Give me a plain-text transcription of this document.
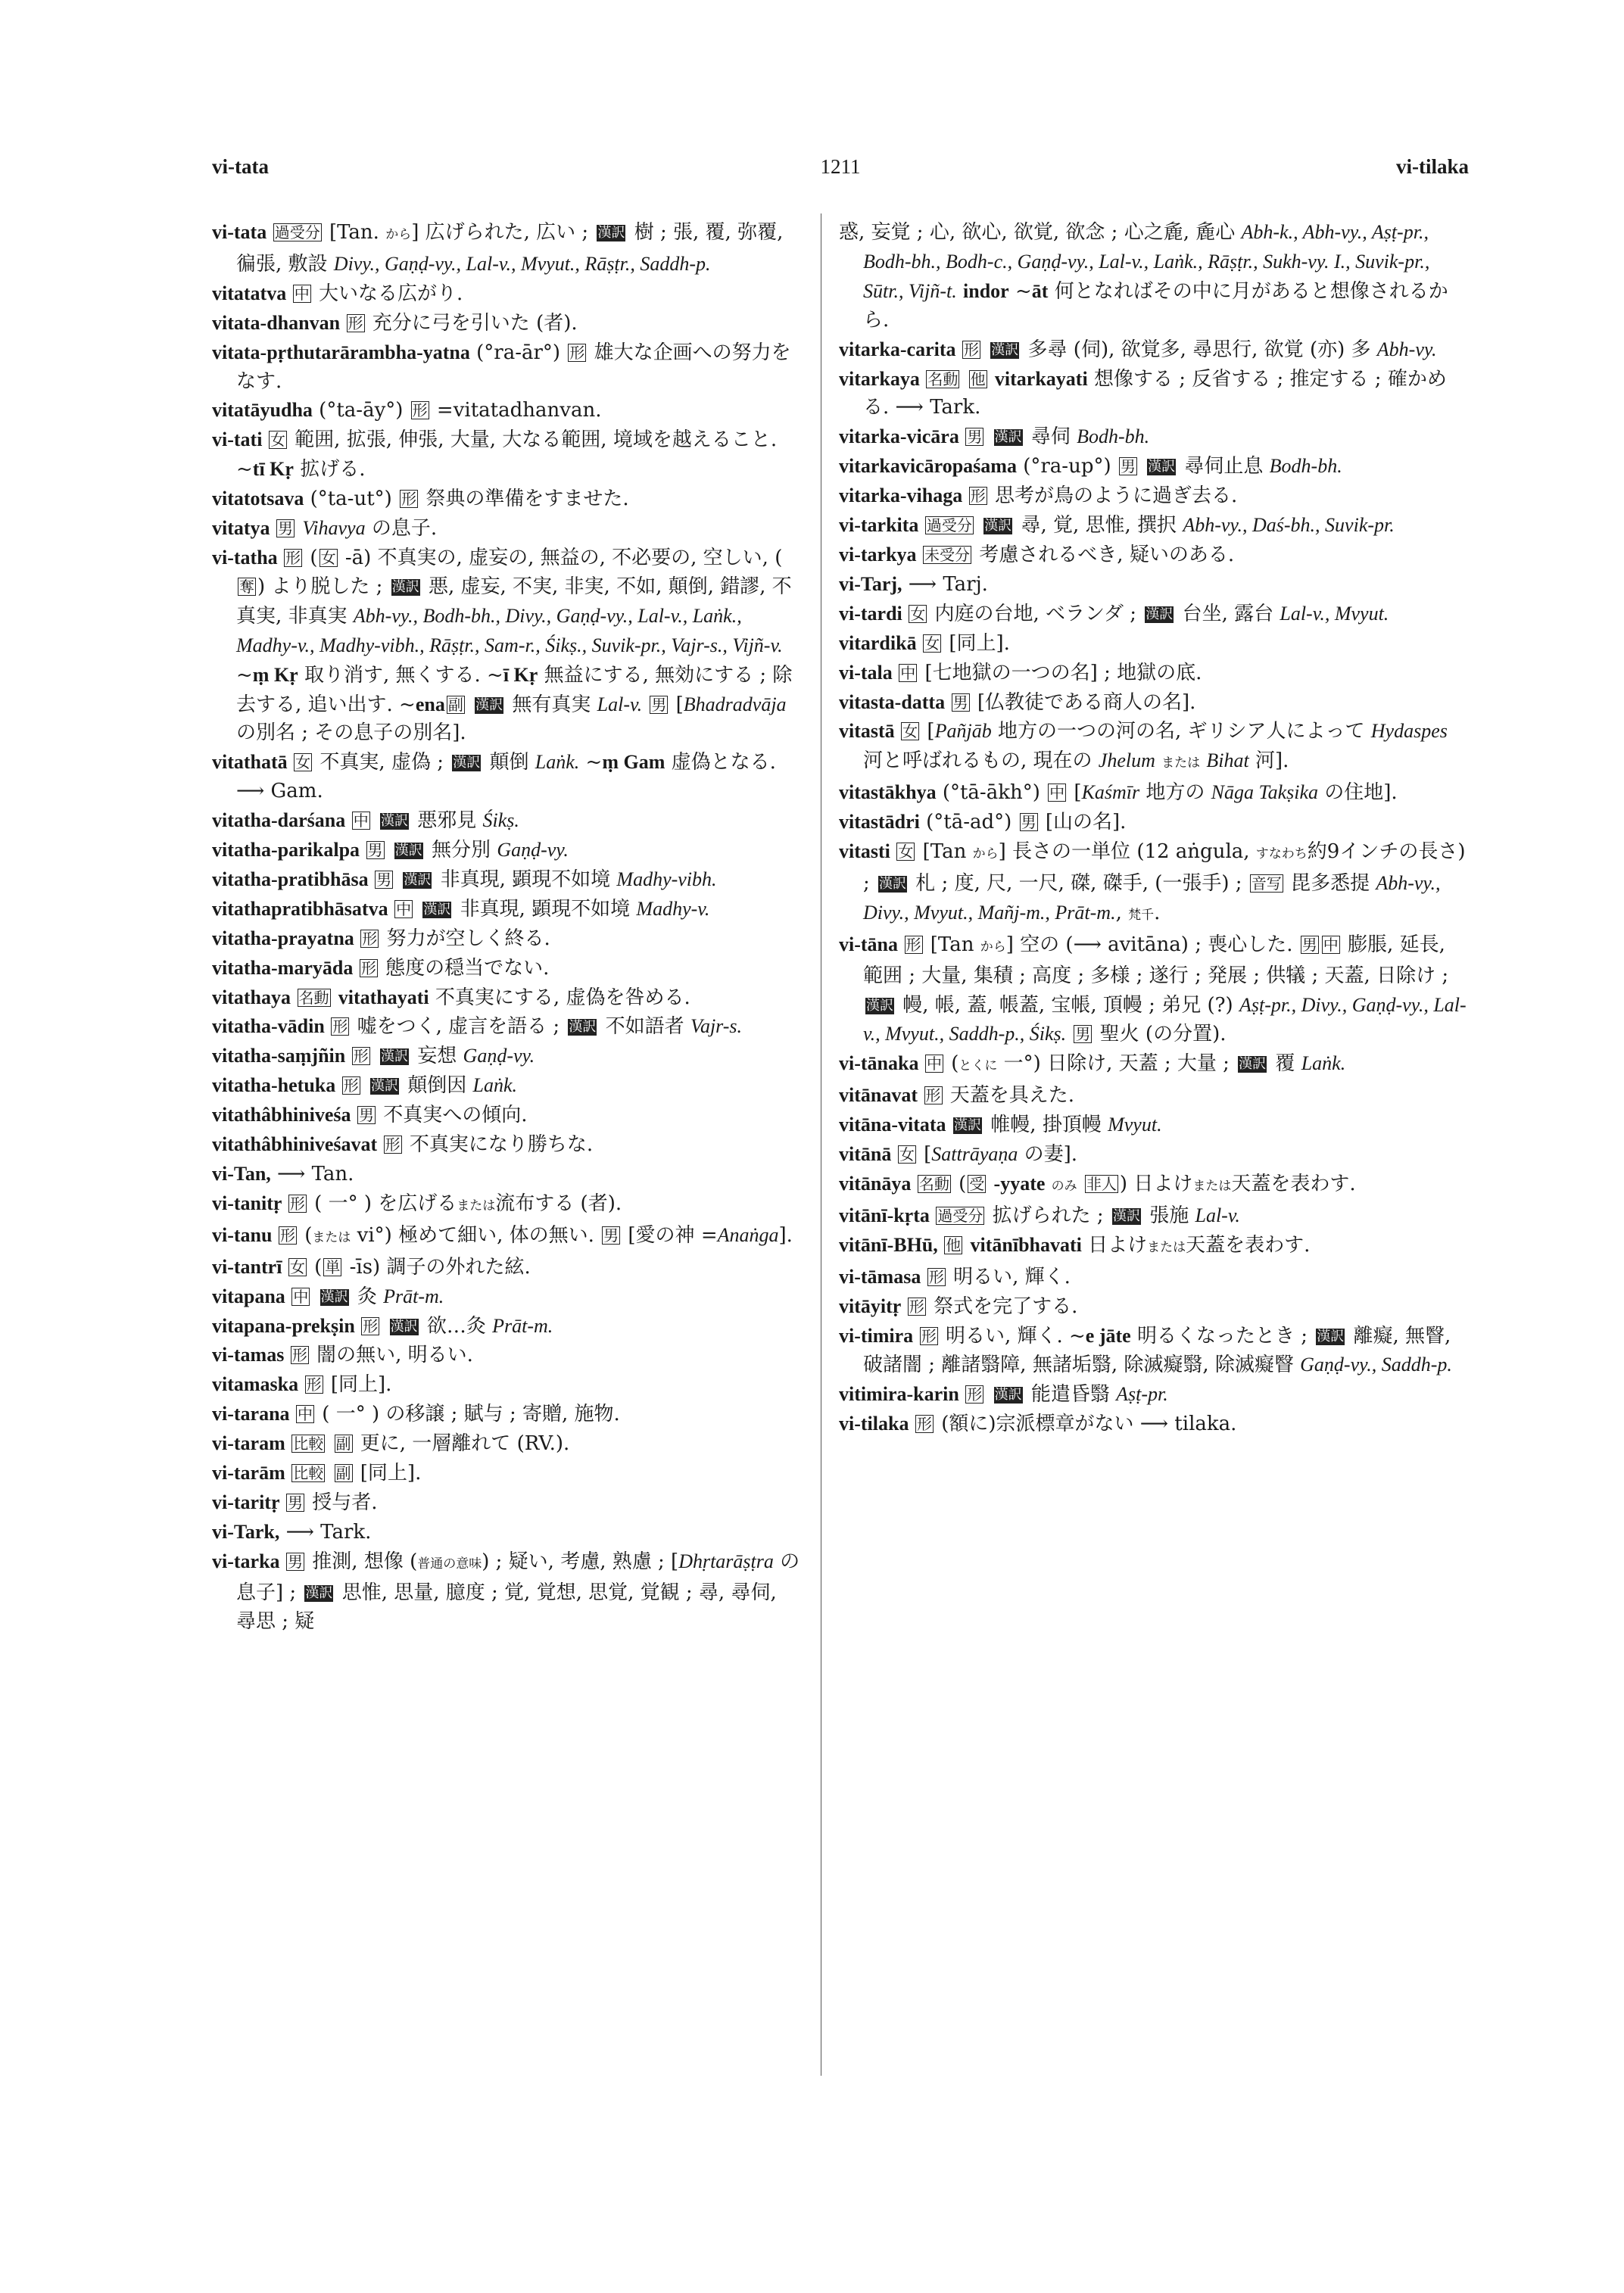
vi-tata	1211	vi-tilaka
vi-tata 過受分 [Tan. から] 広げられた, 広い ; 漢訳 樹 ; 張, 覆, 弥覆, 徧張, 敷設 Divy., Gaṇḍ-vy., Lal-v., Mvyut., Rāṣṭr., Saddh-p.
vitatatva 中 大いなる広がり.
vitata-dhanvan 形 充分に弓を引いた (者).
vitata-pṛthutarārambha-yatna (°ra-ār°) 形 雄大な企画への努力をなす.
vitatāyudha (°ta-āy°) 形 =vitatadhanvan.
vi-tati 女 範囲, 拡張, 伸張, 大量, 大なる範囲, 境域を越えること. ~tī Kṛ 拡げる.
vitatotsava (°ta-ut°) 形 祭典の準備をすませた.
vitatya 男 Vihavya の息子.
vi-tatha 形 ( 女 -ā) 不真実の, 虚妄の, 無益の, 不必要の, 空しい, (奪 ) より脱した ; 漢訳 悪, 虚妄, 不実, 非実, 不如, 顛倒, 錯謬, 不真実, 非真実 Abh-vy., Bodh-bh., Divy., Gaṇḍ-vy., Lal-v., Laṅk., Madhy-v., Madhy-vibh., Rāṣṭr., Sam-r., Śikṣ., Suvik-pr., Vajr-s., Vijñ-v. ~ṃ Kṛ 取り消す, 無くする. ~ī Kṛ 無益にする, 無効にする ; 除去する, 追い出す. ~ena 副 漢訳 無有真実 Lal-v. 男 [Bhadradvāja の別名 ; その息子の別名].
vitathatā 女 不真実, 虚偽 ; 漢訳 顛倒 Laṅk. ~ṃ Gam 虚偽となる. ⟶ Gam.
vitatha-darśana 中 漢訳 悪邪見 Śikṣ.
vitatha-parikalpa 男 漢訳 無分別 Gaṇḍ-vy.
vitatha-pratibhāsa 男 漢訳 非真現, 顕現不如境 Madhy-vibh.
vitathapratibhāsatva 中 漢訳 非真現, 顕現不如境 Madhy-v.
vitatha-prayatna 形 努力が空しく終る.
vitatha-maryāda 形 態度の穏当でない.
vitathaya 名動 vitathayati 不真実にする, 虚偽を咎める.
vitatha-vādin 形 嘘をつく, 虚言を語る ; 漢訳 不如語者 Vajr-s.
vitatha-saṃjñin 形 漢訳 妄想 Gaṇḍ-vy.
vitatha-hetuka 形 漢訳 顛倒因 Laṅk.
vitathâbhiniveśa 男 不真実への傾向.
vitathâbhiniveśavat 形 不真実になり勝ちな.
vi-Tan, ⟶ Tan.
vi-tanitṛ 形 ( 一° ) を広げるまたは流布する (者).
vi-tanu 形 (または vi°) 極めて細い, 体の無い. 男 [愛の神 =Anaṅga].
vi-tantrī 女 ( 単 -īs) 調子の外れた絃.
vitapana 中 漢訳 灸 Prāt-m.
vitapana-prekṣin 形 漢訳 欲…灸 Prāt-m.
vi-tamas 形 闇の無い, 明るい.
vitamaska 形 [同上].
vi-tarana 中 ( 一° ) の移譲 ; 賦与 ; 寄贈, 施物.
vi-taram 比較 副 更に, 一層離れて (RV.).
vi-tarām 比較 副 [同上].
vi-taritṛ 男 授与者.
vi-Tark, ⟶ Tark.
vi-tarka 男 推測, 想像 (普通の意味) ; 疑い, 考慮, 熟慮 ; [Dhṛtarāṣṭra の息子] ; 漢訳 思惟, 思量, 臆度 ; 覚, 覚想, 思覚, 覚観 ; 尋, 尋伺, 尋思 ; 疑
惑, 妄覚 ; 心, 欲心, 欲覚, 欲念 ; 心之麁, 麁心 Abh-k., Abh-vy., Aṣṭ-pr., Bodh-bh., Bodh-c., Gaṇḍ-vy., Lal-v., Laṅk., Rāṣṭr., Sukh-vy. I., Suvik-pr., Sūtr., Vijñ-t. indor ~āt 何となればその中に月があると想像されるから.
vitarka-carita 形 漢訳 多尋 (伺), 欲覚多, 尋思行, 欲覚 (亦) 多 Abh-vy.
vitarkaya 名動 他 vitarkayati 想像する ; 反省する ; 推定する ; 確かめる. ⟶ Tark.
vitarka-vicāra 男 漢訳 尋伺 Bodh-bh.
vitarkavicāropaśama (°ra-up°) 男 漢訳 尋伺止息 Bodh-bh.
vitarka-vihaga 形 思考が鳥のように過ぎ去る.
vi-tarkita 過受分 漢訳 尋, 覚, 思惟, 撰択 Abh-vy., Daś-bh., Suvik-pr.
vi-tarkya 未受分 考慮されるべき, 疑いのある.
vi-Tarj, ⟶ Tarj.
vi-tardi 女 内庭の台地, ベランダ ; 漢訳 台坐, 露台 Lal-v., Mvyut.
vitardikā 女 [同上].
vi-tala 中 [七地獄の一つの名] ; 地獄の底.
vitasta-datta 男 [仏教徒である商人の名].
vitastā 女 [Pañjāb 地方の一つの河の名, ギリシア人によって Hydaspes 河と呼ばれるもの, 現在の Jhelum または Bihat 河].
vitastākhya (°tā-ākh°) 中 [Kaśmīr 地方の Nāga Takṣika の住地].
vitastādri (°tā-ad°) 男 [山の名].
vitasti 女 [Tan から] 長さの一単位 (12 aṅgula, すなわち約9インチの長さ) ; 漢訳 札 ; 度, 尺, 一尺, 磔, 磔手, (一張手) ; 音写 毘多悉提 Abh-vy., Divy., Mvyut., Mañj-m., Prāt-m., 梵千.
vi-tāna 形 [Tan から] 空の (⟶ avitāna) ; 喪心した. 男 中 膨脹, 延長, 範囲 ; 大量, 集積 ; 高度 ; 多様 ; 遂行 ; 発展 ; 供犠 ; 天蓋, 日除け ; 漢訳 幔, 帳, 蓋, 帳蓋, 宝帳, 頂幔 ; 弟兄 (?) Aṣṭ-pr., Divy., Gaṇḍ-vy., Lal-v., Mvyut., Saddh-p., Śikṣ. 男 聖火 (の分置).
vi-tānaka 中 (とくに 一°) 日除け, 天蓋 ; 大量 ; 漢訳 覆 Laṅk.
vitānavat 形 天蓋を具えた.
vitāna-vitata 漢訳 帷幔, 掛頂幔 Mvyut.
vitānā 女 [Sattrāyaṇa の妻].
vitānāya 名動 ( 受 -yyate のみ 非人 ) 日よけまたは天蓋を表わす.
vitānī-kṛta 過受分 拡げられた ; 漢訳 張施 Lal-v.
vitānī-BHū, 他 vitānībhavati 日よけまたは天蓋を表わす.
vi-tāmasa 形 明るい, 輝く.
vitāyitṛ 形 祭式を完了する.
vi-timira 形 明るい, 輝く. ~e jāte 明るくなったとき ; 漢訳 離癡, 無瞖, 破諸闇 ; 離諸翳障, 無諸垢翳, 除滅癡翳, 除滅癡瞖 Gaṇḍ-vy., Saddh-p.
vitimira-karin 形 漢訳 能遣昏翳 Aṣṭ-pr.
vi-tilaka 形 (額に)宗派標章がない ⟶ tilaka.
